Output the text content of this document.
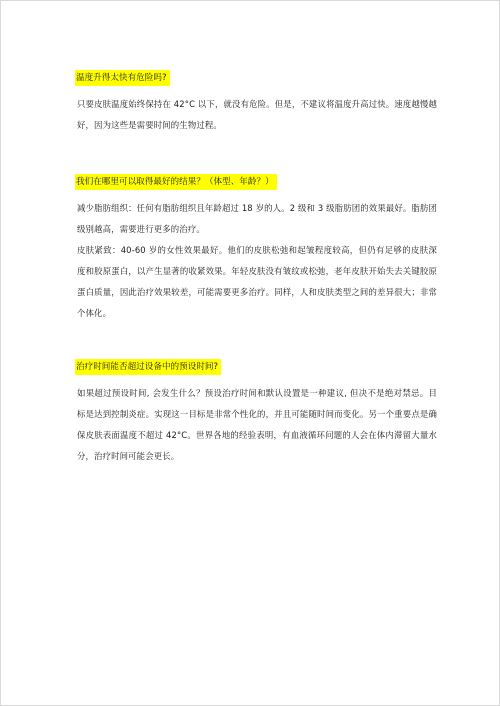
温度升得太快有危险吗?

只要皮肤温度始终保持在 42°C 以下，就没有危险。但是，不建议将温度升高过快。速度越慢越好，因为这些是需要时间的生物过程。

我们在哪里可以取得最好的结果？（体型、年龄？）

减少脂肪组织：任何有脂肪组织且年龄超过 18 岁的人。2 级和 3 级脂肪团的效果最好。脂肪团级别越高，需要进行更多的治疗。

皮肤紧致：40-60 岁的女性效果最好。他们的皮肤松弛和起皱程度较高，但仍有足够的皮肤深度和胶原蛋白，以产生显著的收紧效果。年轻皮肤没有皱纹或松弛，老年皮肤开始失去关键胶原蛋白质量，因此治疗效果较差，可能需要更多治疗。同样，人和皮肤类型之间的差异很大；非常个体化。

治疗时间能否超过设备中的预设时间?

如果超过预设时间, 会发生什么？预设治疗时间和默认设置是一种建议, 但决不是绝对禁忌。目标是达到控制炎症。实现这一目标是非常个性化的，并且可能随时间而变化。另一个重要点是确保皮肤表面温度不超过 42°C。世界各地的经验表明，有血液循环问题的人会在体内滞留大量水分，治疗时间可能会更长。
